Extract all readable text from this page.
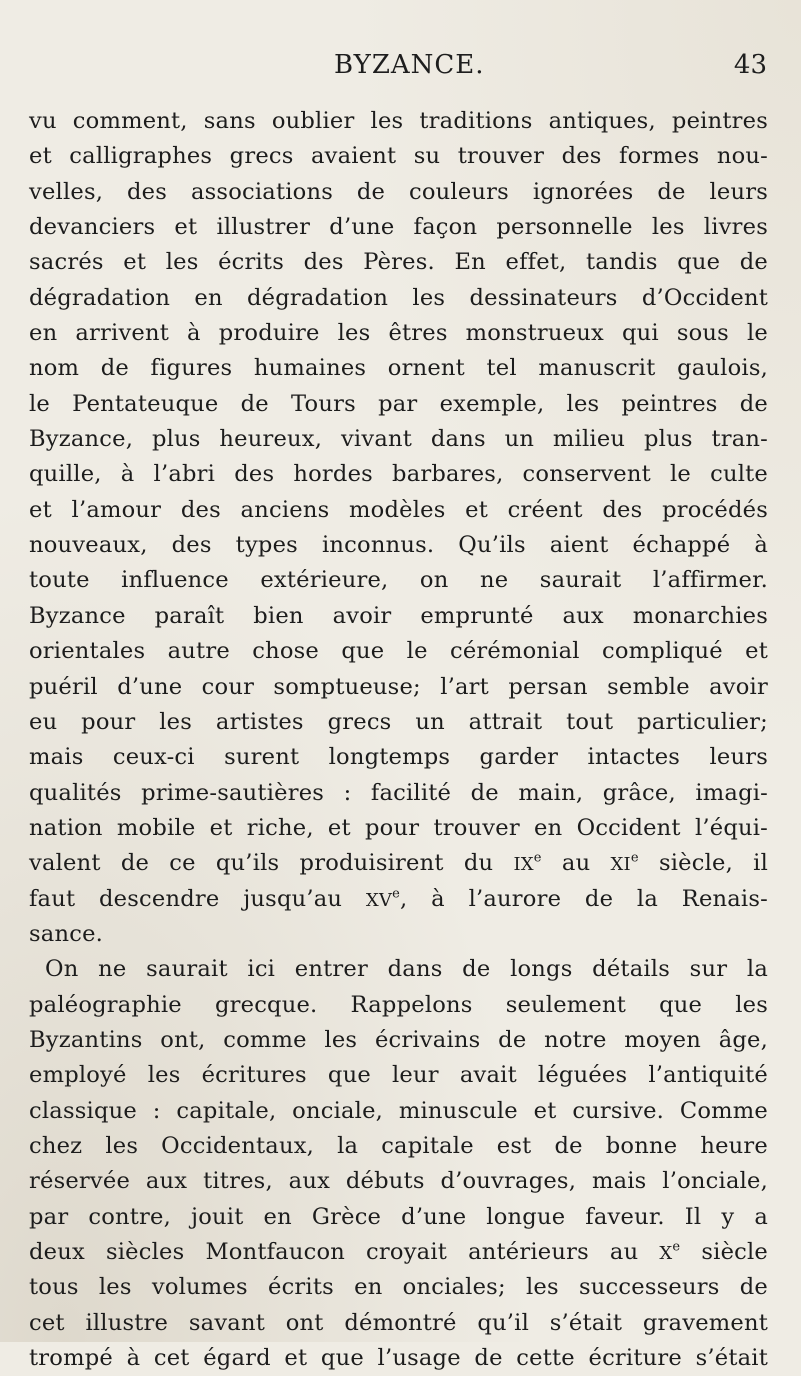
BYZANCE.	43
vu comment, sans oublier les traditions antiques, peintres
et calligraphes grecs avaient su trouver des formes nou-
velles, des associations de couleurs ignorées de leurs
devanciers et illustrer d’une façon personnelle les livres
sacrés et les écrits des Pères. En effet, tandis que de
dégradation en dégradation les dessinateurs d’Occident
en arrivent à produire les êtres monstrueux qui sous le
nom de figures humaines ornent tel manuscrit gaulois,
le Pentateuque de Tours par exemple, les peintres de
Byzance, plus heureux, vivant dans un milieu plus tran-
quille, à l’abri des hordes barbares, conservent le culte
et l’amour des anciens modèles et créent des procédés
nouveaux, des types inconnus. Qu’ils aient échappé à
toute influence extérieure, on ne saurait l’affirmer.
Byzance paraît bien avoir emprunté aux monarchies
orientales autre chose que le cérémonial compliqué et
puéril d’une cour somptueuse; l’art persan semble avoir
eu pour les artistes grecs un attrait tout particulier;
mais ceux-ci surent longtemps garder intactes leurs
qualités prime-sautières : facilité de main, grâce, imagi-
nation mobile et riche, et pour trouver en Occident l’équi-
valent de ce qu’ils produisirent du IXe au XIe siècle, il
faut descendre jusqu’au XVe, à l’aurore de la Renais-
sance.
On ne saurait ici entrer dans de longs détails sur la
paléographie grecque. Rappelons seulement que les
Byzantins ont, comme les écrivains de notre moyen âge,
employé les écritures que leur avait léguées l’antiquité
classique : capitale, onciale, minuscule et cursive. Comme
chez les Occidentaux, la capitale est de bonne heure
réservée aux titres, aux débuts d’ouvrages, mais l’onciale,
par contre, jouit en Grèce d’une longue faveur. Il y a
deux siècles Montfaucon croyait antérieurs au Xe siècle
tous les volumes écrits en onciales; les successeurs de
cet illustre savant ont démontré qu’il s’était gravement
trompé à cet égard et que l’usage de cette écriture s’était
